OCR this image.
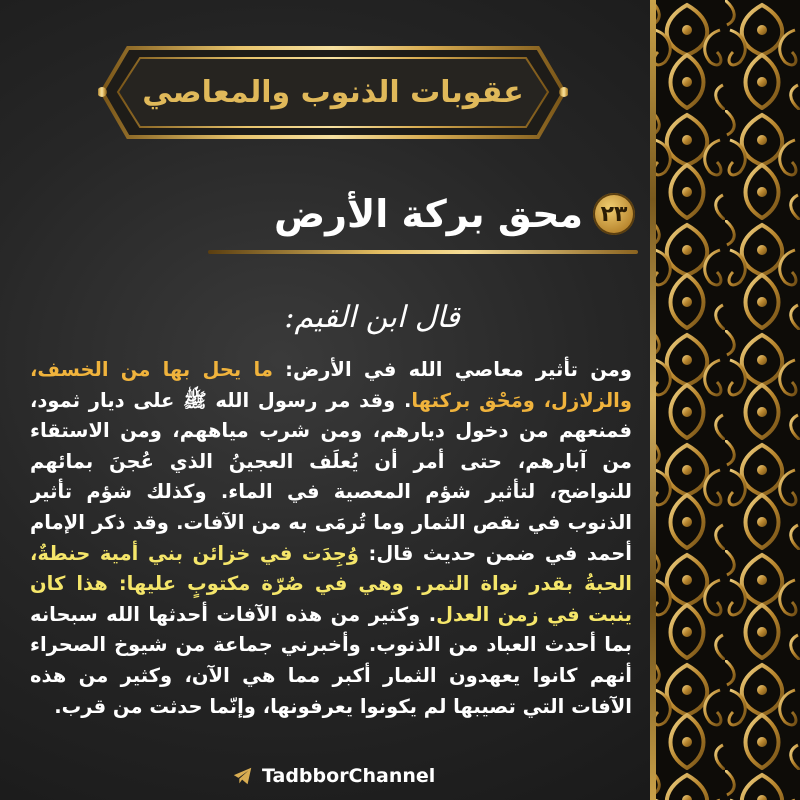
عقوبات الذنوب والمعاصي
٢٣
محق بركة الأرض
قال ابن القيم:
ومن تأثير معاصي الله في الأرض: ما يحل بها من الخسف، والزلازل، ومَحْق بركتها. وقد مر رسول الله ﷺ على ديار ثمود، فمنعهم من دخول ديارهم، ومن شرب مياههم، ومن الاستقاء من آبارهم، حتى أمر أن يُعلَف العجينُ الذي عُجنَ بمائهم للنواضح، لتأثير شؤم المعصية في الماء. وكذلك شؤم تأثير الذنوب في نقص الثمار وما تُرمَى به من الآفات. وقد ذكر الإمام أحمد في ضمن حديث قال: وُجِدَت في خزائن بني أمية حنطةٌ، الحبةُ بقدر نواة التمر. وهي في صُرّة مكتوبٍ عليها: هذا كان ينبت في زمن العدل. وكثير من هذه الآفات أحدثها الله سبحانه بما أحدث العباد من الذنوب. وأخبرني جماعة من شيوخ الصحراء أنهم كانوا يعهدون الثمار أكبر مما هي الآن، وكثير من هذه الآفات التي تصيبها لم يكونوا يعرفونها، وإنّما حدثت من قرب.
TadbborChannel
